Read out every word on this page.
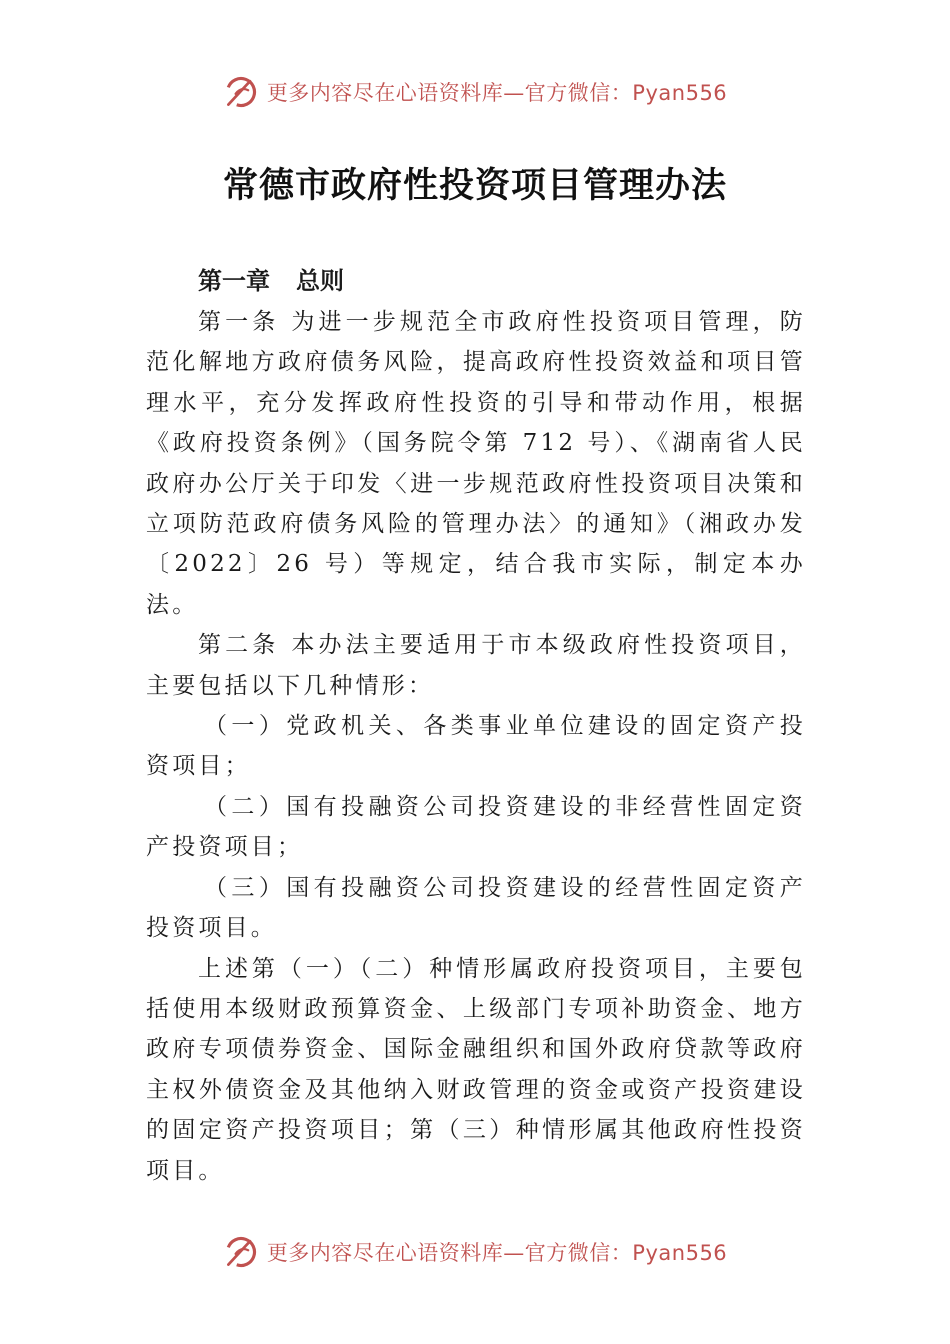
更多内容尽在心语资料库—官方微信：Pyan556
常德市政府性投资项目管理办法
第一章 总则

第一条 为进一步规范全市政府性投资项目管理，防范化解地方政府债务风险，提高政府性投资效益和项目管理水平，充分发挥政府性投资的引导和带动作用，根据《政府投资条例》（国务院令第 712 号）、《湖南省人民政府办公厅关于印发〈进一步规范政府性投资项目决策和立项防范政府债务风险的管理办法〉的通知》（湘政办发〔2022〕26 号）等规定，结合我市实际，制定本办法。

第二条 本办法主要适用于市本级政府性投资项目，主要包括以下几种情形：

（一）党政机关、各类事业单位建设的固定资产投资项目；

（二）国有投融资公司投资建设的非经营性固定资产投资项目；

（三）国有投融资公司投资建设的经营性固定资产投资项目。

上述第（一）（二）种情形属政府投资项目，主要包括使用本级财政预算资金、上级部门专项补助资金、地方政府专项债券资金、国际金融组织和国外政府贷款等政府主权外债资金及其他纳入财政管理的资金或资产投资建设的固定资产投资项目；第（三）种情形属其他政府性投资项目。

更多内容尽在心语资料库—官方微信：Pyan556
